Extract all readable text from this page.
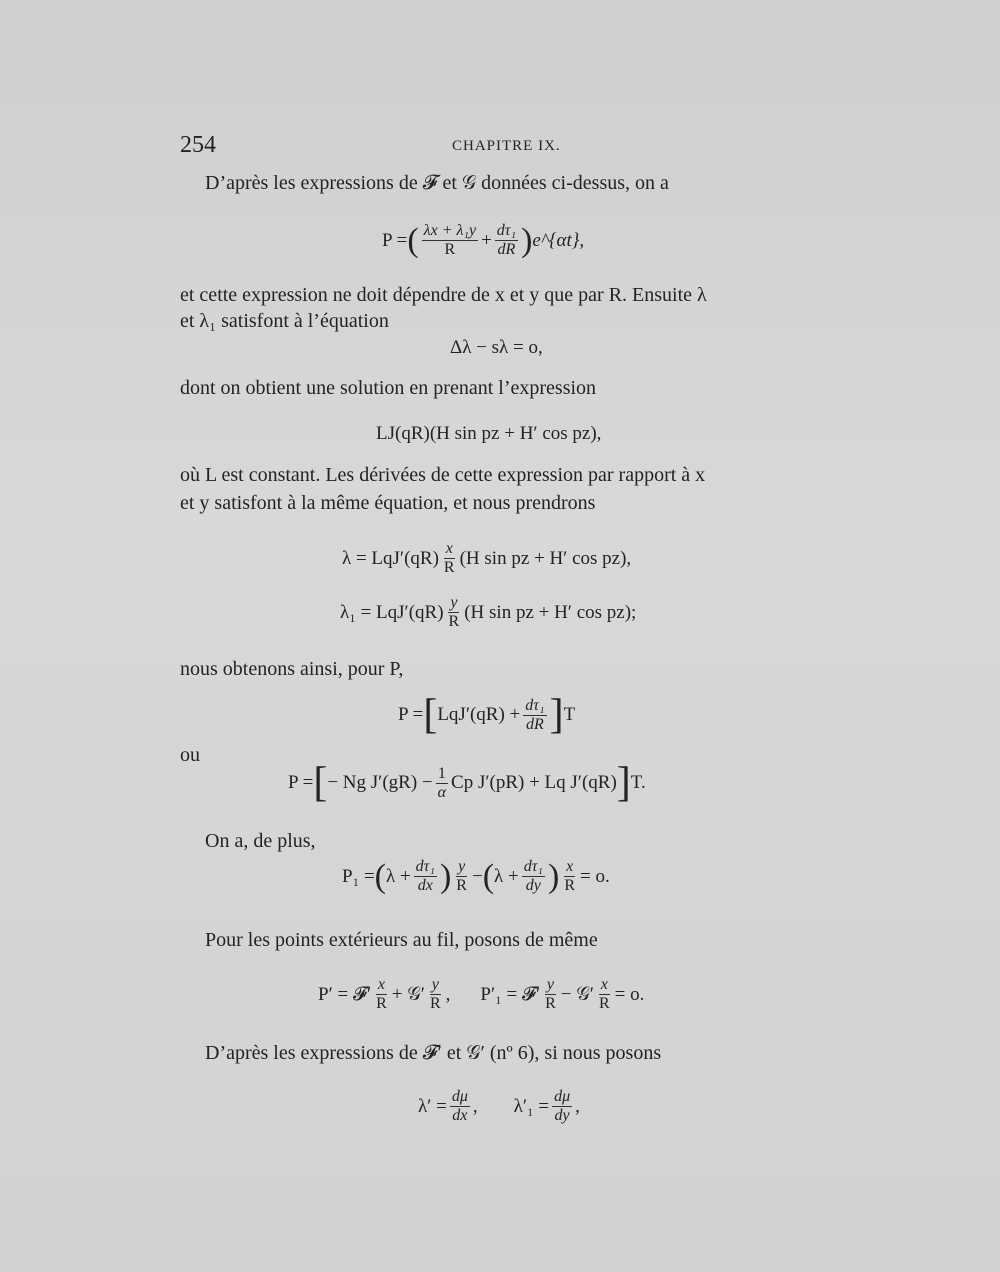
254	CHAPITRE IX.
D’après les expressions de 𝓕 et 𝒢 données ci-dessus, on a
P = ( $\frac{\text{λx + λ₁y}}{R} + \frac{\text{dτ₁}}{dR}$ ) e^{αt},
et cette expression ne doit dépendre de x et y que par R. Ensuite λ
et λ₁ satisfont à l’équation
Δλ − sλ = o,
dont on obtient une solution en prenant l’expression
LJ(qR)(H sin pz + H′ cos pz),
où L est constant. Les dérivées de cette expression par rapport à x
et y satisfont à la même équation, et nous prendrons
$\lambda = LqJ'(qR) \frac{x}{R} (H$ sin pz + H′ cos pz),
$\lambda_1 = LqJ'(qR) \frac{y}{R} (H$ sin pz + H′ cos pz);
nous obtenons ainsi, pour P,
P = [ $LqJ'(qR) + \frac{\text{dτ₁}}{dR}$ ] T
ou
P = [ − Ng $J'(gR) - \frac{1}{\alpha}$ Cp J′(pR) + Lq J′(qR) ] T.
On a, de plus,
P₁ = ( $\lambda + \frac{\text{dτ₁}}{dx}$ ) $\frac{y}{R}$ − ( $\lambda + \frac{\text{dτ₁}}{dy}$ ) $\frac{x}{R} = o$.
Pour les points extérieurs au fil, posons de même
P′ = 𝓕′ $\frac{x}{R}$ + 𝒢′ $\frac{y}{R}$ , P′₁ = 𝓕′ $\frac{y}{R}$ − 𝒢′ $\frac{x}{R} = o$.
D’après les expressions de 𝓕′ et 𝒢′ (nº 6), si nous posons
$\lambda' = \frac{d\mu}{dx}$ , $\lambda'_1 = \frac{d\mu}{dy}$ ,
